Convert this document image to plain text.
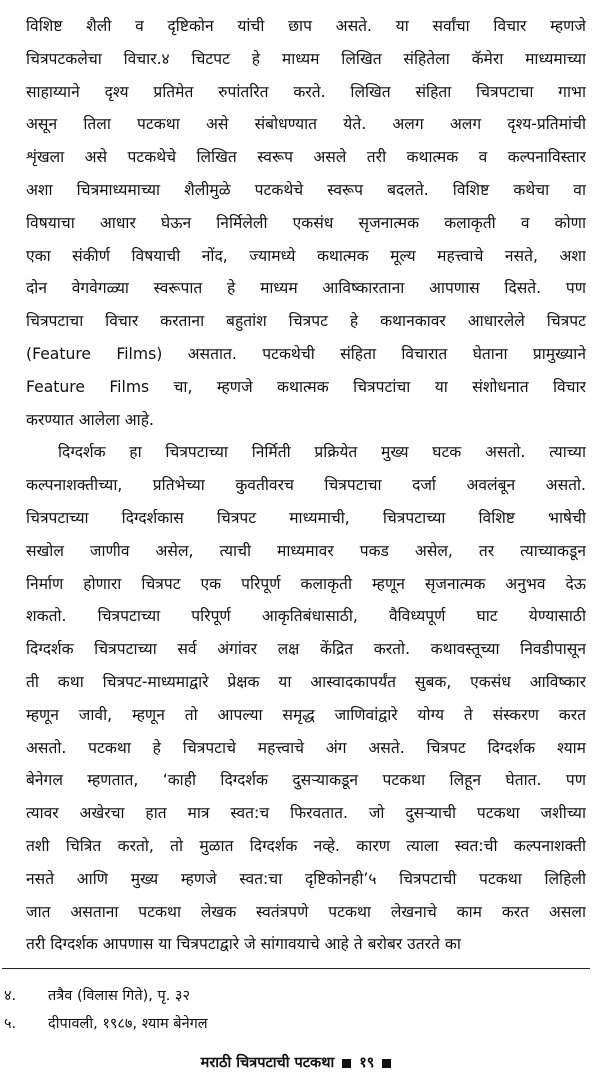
विशिष्ट शैली व दृष्टिकोन यांची छाप असते. या सर्वांचा विचार म्हणजे
चित्रपटकलेचा विचार.४ चिटपट हे माध्यम लिखित संहितेला कॅमेरा माध्यमाच्या
साहाय्याने दृश्य प्रतिमेत रुपांतरित करते. लिखित संहिता चित्रपटाचा गाभा
असून तिला पटकथा असे संबोधण्यात येते. अलग अलग दृश्य-प्रतिमांची
शृंखला असे पटकथेचे लिखित स्वरूप असले तरी कथात्मक व कल्पनाविस्तार
अशा चित्रमाध्यमाच्या शैलीमुळे पटकथेचे स्वरूप बदलते. विशिष्ट कथेचा वा
विषयाचा आधार घेऊन निर्मिलेली एकसंध सृजनात्मक कलाकृती व कोणा
एका संकीर्ण विषयाची नोंद, ज्यामध्ये कथात्मक मूल्य महत्त्वाचे नसते, अशा
दोन वेगवेगळ्या स्वरूपात हे माध्यम आविष्कारताना आपणास दिसते. पण
चित्रपटाचा विचार करताना बहुतांश चित्रपट हे कथानकावर आधारलेले चित्रपट
(Feature Films) असतात. पटकथेची संहिता विचारात घेताना प्रामुख्याने
Feature Films चा, म्हणजे कथात्मक चित्रपटांचा या संशोधनात विचार
करण्यात आलेला आहे.
दिग्दर्शक हा चित्रपटाच्या निर्मिती प्रक्रियेत मुख्य घटक असतो. त्याच्या
कल्पनाशक्तीच्या, प्रतिभेच्या कुवतीवरच चित्रपटाचा दर्जा अवलंबून असतो.
चित्रपटाच्या दिग्दर्शकास चित्रपट माध्यमाची, चित्रपटाच्या विशिष्ट भाषेची
सखोल जाणीव असेल, त्याची माध्यमावर पकड असेल, तर त्याच्याकडून
निर्माण होणारा चित्रपट एक परिपूर्ण कलाकृती म्हणून सृजनात्मक अनुभव देऊ
शकतो. चित्रपटाच्या परिपूर्ण आकृतिबंधासाठी, वैविध्यपूर्ण घाट येण्यासाठी
दिग्दर्शक चित्रपटाच्या सर्व अंगांवर लक्ष केंद्रित करतो. कथावस्तूच्या निवडीपासून
ती कथा चित्रपट-माध्यमाद्वारे प्रेक्षक या आस्वादकापर्यंत सुबक, एकसंध आविष्कार
म्हणून जावी, म्हणून तो आपल्या समृद्ध जाणिवांद्वारे योग्य ते संस्करण करत
असतो. पटकथा हे चित्रपटाचे महत्त्वाचे अंग असते. चित्रपट दिग्दर्शक श्याम
बेनेगल म्हणतात, ‘काही दिग्दर्शक दुसऱ्याकडून पटकथा लिहून घेतात. पण
त्यावर अखेरचा हात मात्र स्वत:च फिरवतात. जो दुसऱ्याची पटकथा जशीच्या
तशी चित्रित करतो, तो मुळात दिग्दर्शक नव्हे. कारण त्याला स्वत:ची कल्पनाशक्ती
नसते आणि मुख्य म्हणजे स्वत:चा दृष्टिकोनही’५ चित्रपटाची पटकथा लिहिली
जात असताना पटकथा लेखक स्वतंत्रपणे पटकथा लेखनाचे काम करत असला
तरी दिग्दर्शक आपणास या चित्रपटाद्वारे जे सांगावयाचे आहे ते बरोबर उतरते का
४. तत्रैव (विलास गिते), पृ. ३२
५. दीपावली, १९८७, श्याम बेनेगल
मराठी चित्रपटाची पटकथा १९
